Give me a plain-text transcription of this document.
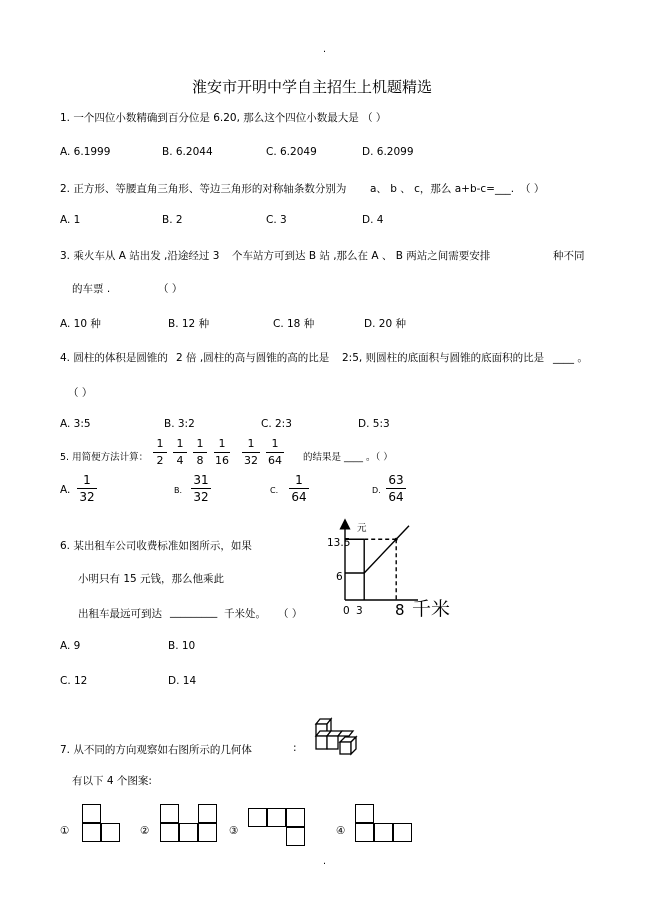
.
淮安市开明中学自主招生上机题精选
1. 一个四位小数精确到百分位是 6.20, 那么这个四位小数最大是 （ ）
A. 6.1999	B. 6.2044	C. 6.2049	D. 6.2099
2. 正方形、等腰直角三角形、等边三角形的对称轴条数分别为 a、 b 、 c，那么 a+b-c=___. （ ）
A. 1	B. 2	C. 3	D. 4
3. 乘火车从 A 站出发 ,沿途经过 3 个车站方可到达 B 站 ,那么在 A 、 B 两站之间需要安排	种不同
的车票 .	（ ）
A. 10 种	B. 12 种	C. 18 种	D. 20 种
4. 圆柱的体积是圆锥的 2 倍 ,圆柱的高与圆锥的高的比是 2:5, 则圆柱的底面积与圆锥的底面积的比是 ____ 。
（ ）
A. 3:5	B. 3:2	C. 2:3	D. 5:3
5. 用简便方法计算：
1
2
1
4
1
8
1
16
1
32
1
64	的结果是 ____ 。（ ）
A.
1
32	B.
31
32	C.
1
64	D.
63
64
6. 某出租车公司收费标准如图所示，如果
小明只有 15 元钱，那么他乘此
出租车最远可到达 _________ 千米处。 （ ）
A. 9	B. 10
C. 12	D. 14
元
千米
13.5
6
0 3 8
7. 从不同的方向观察如右图所示的几何体	:
有以下 4 个图案:
①	②	③	④
.
